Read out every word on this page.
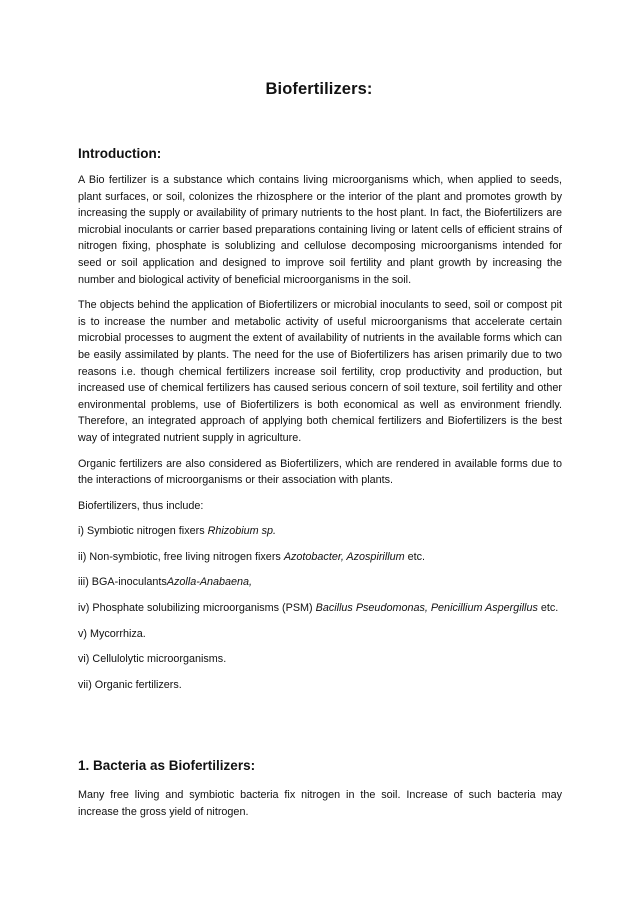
Biofertilizers:
Introduction:

A Bio fertilizer is a substance which contains living microorganisms which, when applied to seeds, plant surfaces, or soil, colonizes the rhizosphere or the interior of the plant and promotes growth by increasing the supply or availability of primary nutrients to the host plant. In fact, the Biofertilizers are microbial inoculants or carrier based preparations containing living or latent cells of efficient strains of nitrogen fixing, phosphate is solublizing and cellulose decomposing microorganisms intended for seed or soil application and designed to improve soil fertility and plant growth by increasing the number and biological activity of beneficial microorganisms in the soil.

The objects behind the application of Biofertilizers or microbial inoculants to seed, soil or compost pit is to increase the number and metabolic activity of useful microorganisms that accelerate certain microbial processes to augment the extent of availability of nutrients in the available forms which can be easily assimilated by plants. The need for the use of Biofertilizers has arisen primarily due to two reasons i.e. though chemical fertilizers increase soil fertility, crop productivity and production, but increased use of chemical fertilizers has caused serious concern of soil texture, soil fertility and other environmental problems, use of Biofertilizers is both economical as well as environment friendly. Therefore, an integrated approach of applying both chemical fertilizers and Biofertilizers is the best way of integrated nutrient supply in agriculture.

Organic fertilizers are also considered as Biofertilizers, which are rendered in available forms due to the interactions of microorganisms or their association with plants.

Biofertilizers, thus include:

i) Symbiotic nitrogen fixers Rhizobium sp.
ii) Non-symbiotic, free living nitrogen fixers Azotobacter, Azospirillum etc.
iii) BGA-inoculantsAzolla-Anabaena,
iv) Phosphate solubilizing microorganisms (PSM) Bacillus Pseudomonas, Penicillium Aspergillus etc.
v) Mycorrhiza.
vi) Cellulolytic microorganisms.
vii) Organic fertilizers.
1. Bacteria as Biofertilizers:
Many free living and symbiotic bacteria fix nitrogen in the soil. Increase of such bacteria may increase the gross yield of nitrogen.
